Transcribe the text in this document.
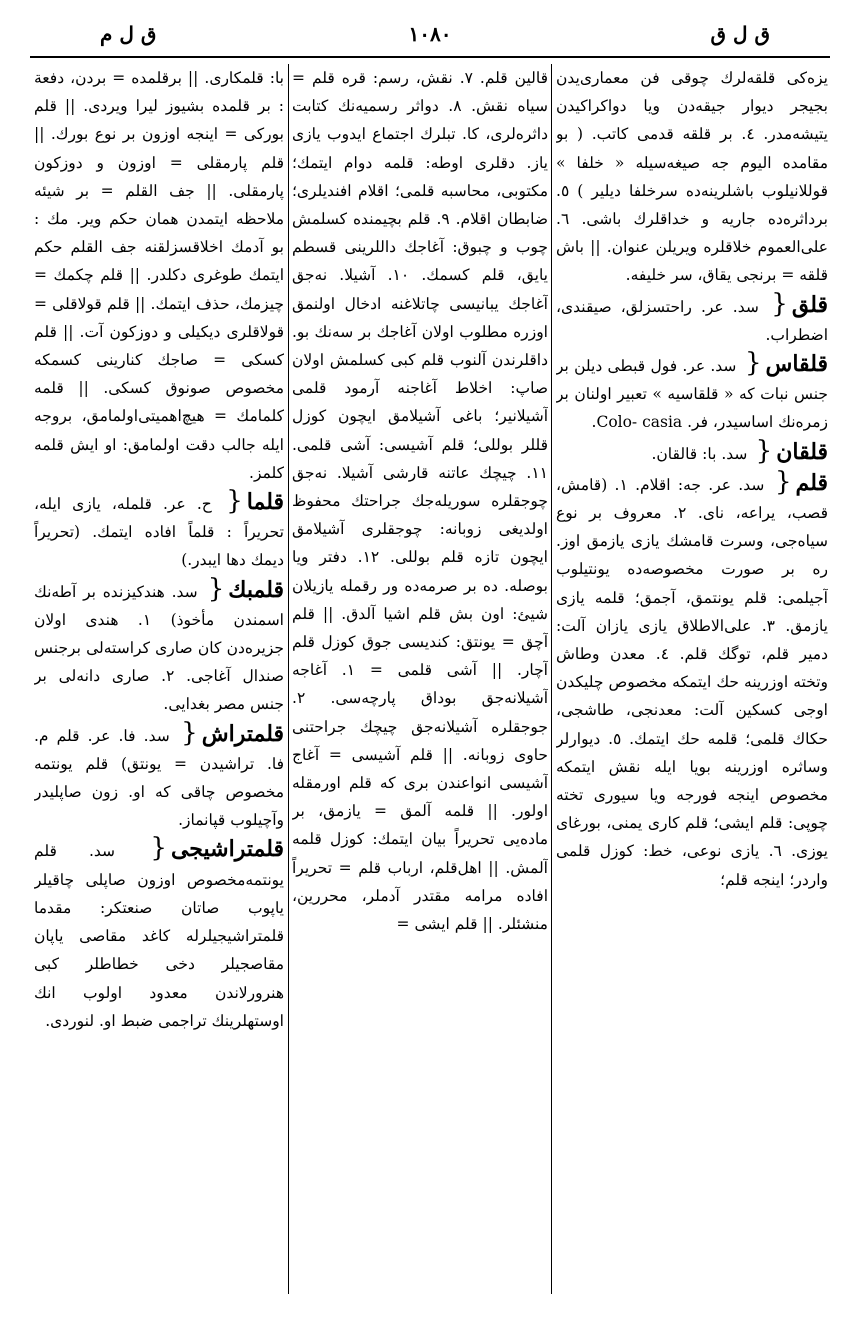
ق ل ق
۱۰۸۰
ق ل م

يزه‌كى قلقه‌لرك چوقى فن معمارى‌يدن بجيجر ديوار جيقه‌دن ويا دوا‌كرا‌كيدن يتيشه‌مدر. ٤. بر قلقه قدمى كاتب. ( بو مقامده اليوم جه صيغه‌سيله « خلفا » قوللانيلوب باشلرينه‌ده سر‌خلفا ديلير ) ٥. برداثره‌ده جاريه و خدا‌قلرك باشى. ٦. على‌العموم خلا‌قلره ويريلن عنوان. || باش قلقه = برنجى يقاق، سر خليفه.

قلق{ سد. عر. راحتسزلق، صيقندى، اضطراب.

قلقاس{ سد. عر. فول قبطى ديلن بر جنس نبات كه « قلقاسيه » تعبير اولنان بر زمره‌نك اساسيدر، فر. Colo- casia.

قلقان{ سد. با: قالقان.

قلم{ سد. عر. جه: اقلام. ١. (قامش، قصب، يراعه، ناى. ٢. معروف بر نوع سياه‌جى، وسرت قامشك يازى يازمق اوز. ره بر صورت مخصوصه‌ده يونتيلوب آجيلمى: قلم يونتمق، آجمق؛ قلمه يازى يازمق. ٣. على‌الاطلاق يازى يازان آلت: دمير قلم، توگك قلم. ٤. معدن وطاش وتخته اوزرينه حك ايتمكه مخصوص چليكدن اوجى كسكين آلت: معدنجى، طاشجى، حكاك قلمى؛ قلمه حك ايتمك. ٥. ديوارلر وساثره اوزرينه بويا ايله نقش ايتمكه مخصوص اينجه فورجه ويا سيورى تخته چوپى: قلم ايشى؛ قلم كارى يمنى، بورغاى يوزى. ٦. يازى نوعى، خط: كوزل قلمى واردر؛ اينجه قلم؛

قالين قلم. ٧. نقش، رسم: قره قلم = سياه نقش. ٨. دواثر رسميه‌نك كتابت داثره‌لرى، كا. تبلرك اجتماع ايدوب يازى ياز. دقلرى اوطه: قلمه دوام ايتمك؛ مكتوبى، محاسبه قلمى؛ اقلام افنديلرى؛ ضابطان اقلام. ٩. قلم بچيمنده كسلمش چوب و چبوق: آغاجك داللرينى قسطم يا‌يق، قلم كسمك. ١٠. آشيلا. نه‌جق آغاجك يبانيسى چاتلاغنه ادخال اولنمق اوزره مطلوب اولان آغاجك بر سه‌نك بو. داقلرندن آلنوب قلم كبى كسلمش اولان صاپ: اخلاط آغاجنه آرمود قلمى آشيلانير؛ باغى آشيلامق ايچون كوزل قللر بوللى؛ قلم آشيسى: آشى قلمى. ١١. چيچك عاتنه قارشى آشيلا. نه‌جق چوجقلره سوريله‌جك جراحتك محفوظ اولديغى زوبانه: چوجقلرى آشيلامق ايچون تازه قلم بوللى. ١٢. دفتر ويا بوصله. ده بر صرمه‌ده ور رقمله يازيلان شيئ: اون بش قلم اشيا آلدق. || قلم آچق = يونتق: كنديسى جوق كوزل قلم آچار. || آشى قلمى = ١. آغاجه آشيلانه‌جق بوداق پارچه‌سى. ٢. جوجقلره آشيلانه‌جق چيچك جراحتنى حاوى زوبانه. || قلم آشيسى = آغاج آشيسى انواعندن برى كه قلم اورمقله اولور. || قلمه آلمق = يازمق، بر ماده‌يى تحريراً بيان ايتمك: كوزل قلمه آلمش. || اهل‌قلم، ارباب قلم = تحريراً افاده مرامه مقتدر آدملر، محررين، منشئلر. || قلم ايشى =

با: قلمكارى. || برقلمده = بردن، دفعة : بر قلمده بشيوز ليرا ويردى. || قلم بوركى = اينجه اوزون بر نوع بورك. || قلم پارمقلى = اوزون و دوزكون پارمقلى. || جف القلم = بر شيئه ملاحظه ايتمدن همان حكم وير. مك : بو آدمك اخلاقسزلقنه جف القلم حكم ايتمك طوغرى دكلدر. || قلم چكمك = چيزمك، حذف ايتمك. || قلم قولاقلى = قولاقلرى ديكيلى و دوزكون آت. || قلم كسكى = صاجك كنارينى كسمكه مخصوص صونوق كسكى. || قلمه كلمامك = هيچ‌اهميتى‌اولمامق، بروجه ايله جالب دقت اولمامق: او ايش قلمه كلمز.

قلما{ ح. عر. قلمله، يازى ايله، تحريراً : قلماً افاده ايتمك. (تحريراً ديمك دها ايبدر.)

قلمبك{ سد. هندكيزنده بر آطه‌نك اسمندن مأخوذ) ١. هندى اولان جزيره‌دن كان صارى كراسته‌لى برجنس صندال آغاجى. ٢. صارى دانه‌لى بر جنس مصر بغدايى.

قلمتراش{ سد. فا. عر. قلم م. فا. تراشيدن = يونتق) قلم يونتمه مخصوص چاقى كه او. زون صاپليدر وآچيلوب قپانماز.

قلمتراشيجى{ سد. قلم يونتمه‌مخصوص اوزون صاپلى چاقيلر يا‌پوب صاتان صنعتكر: مقدما قلمتراشيجيلرله كاغد مقاصى يا‌پان مقاصجيلر دخى خطاطلر كبى هنرورلاندن معدود اولوب انك اوستهلرينك تراجمى ضبط او. لنوردى.
